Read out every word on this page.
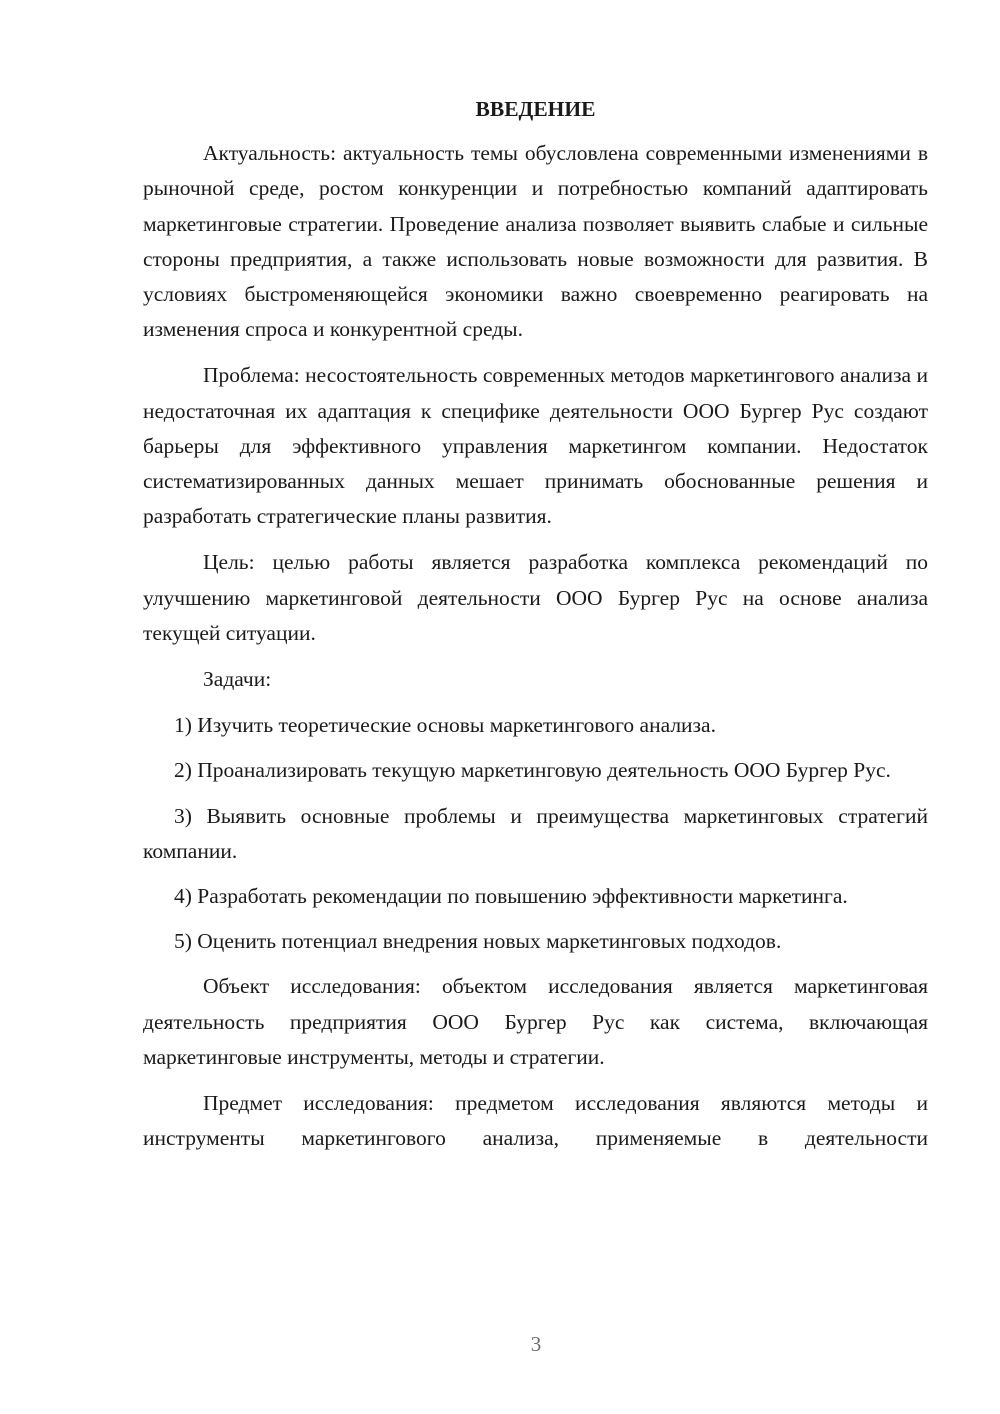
ВВЕДЕНИЕ

Актуальность: актуальность темы обусловлена современными изменениями в рыночной среде, ростом конкуренции и потребностью компаний адаптировать маркетинговые стратегии. Проведение анализа позволяет выявить слабые и сильные стороны предприятия, а также использовать новые возможности для развития. В условиях быстроменяющейся экономики важно своевременно реагировать на изменения спроса и конкурентной среды.

Проблема: несостоятельность современных методов маркетингового анализа и недостаточная их адаптация к специфике деятельности ООО Бургер Рус создают барьеры для эффективного управления маркетингом компании. Недостаток систематизированных данных мешает принимать обоснованные решения и разработать стратегические планы развития.

Цель: целью работы является разработка комплекса рекомендаций по улучшению маркетинговой деятельности ООО Бургер Рус на основе анализа текущей ситуации.

Задачи:

1) Изучить теоретические основы маркетингового анализа.

2) Проанализировать текущую маркетинговую деятельность ООО Бургер Рус.

3) Выявить основные проблемы и преимущества маркетинговых стратегий компании.

4) Разработать рекомендации по повышению эффективности маркетинга.

5) Оценить потенциал внедрения новых маркетинговых подходов.

Объект исследования: объектом исследования является маркетинговая деятельность предприятия ООО Бургер Рус как система, включающая маркетинговые инструменты, методы и стратегии.

Предмет исследования: предметом исследования являются методы и инструменты маркетингового анализа, применяемые в деятельности

3
